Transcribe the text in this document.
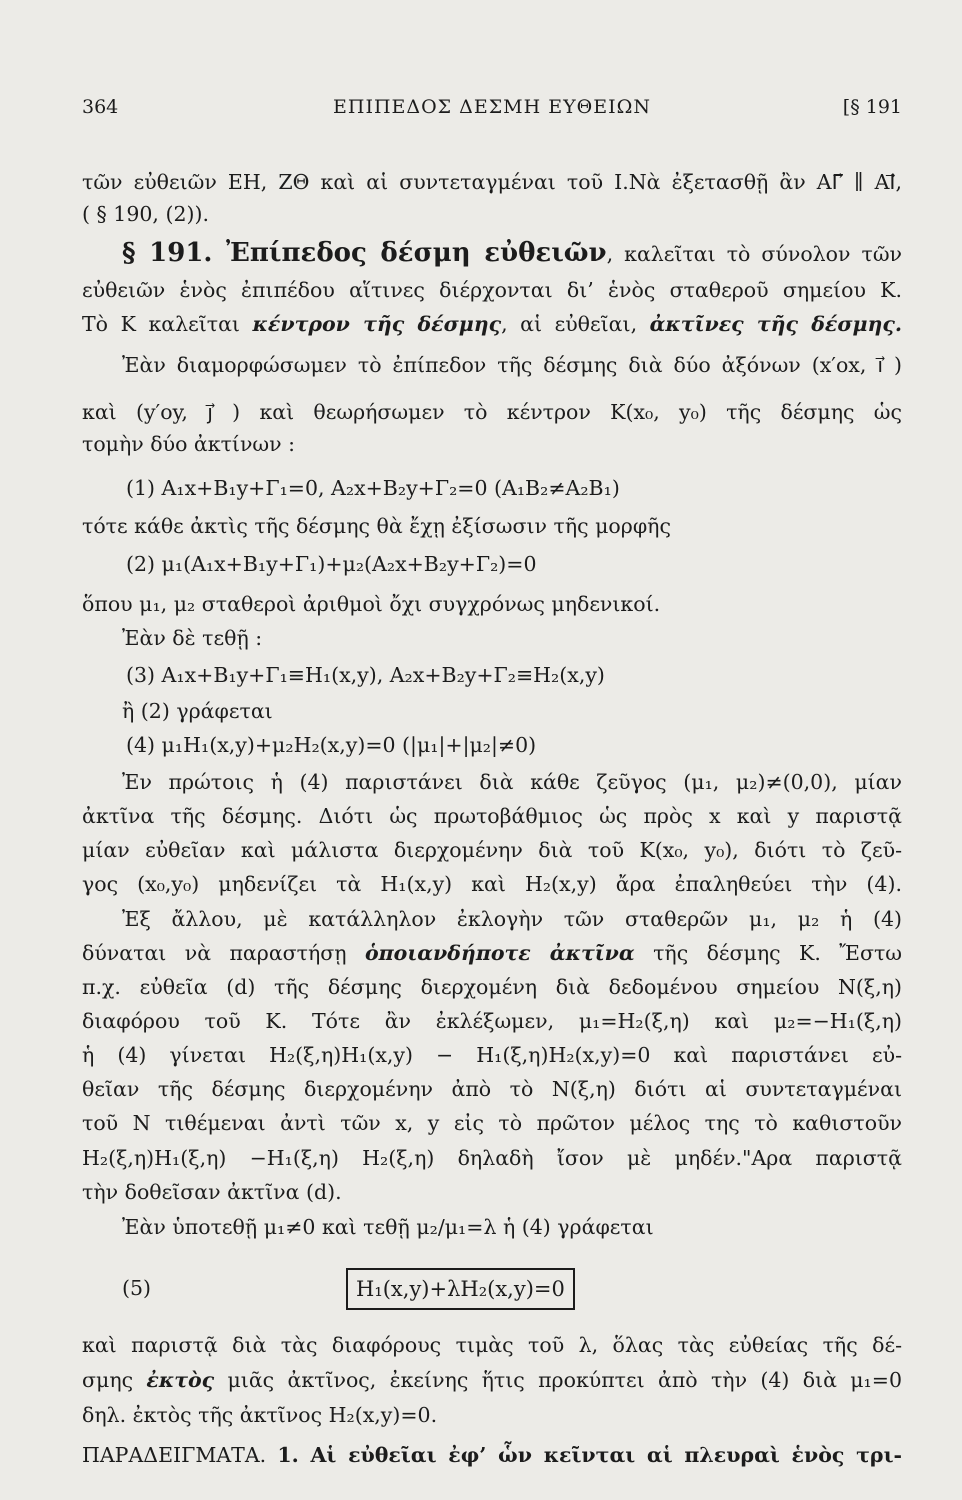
364	ΕΠΙΠΕΔΟΣ ΔΕΣΜΗ ΕΥΘΕΙΩΝ	[§ 191
τῶν εὐθειῶν ΕΗ, ΖΘ καὶ αἱ συντεταγμέναι τοῦ Ι.Νὰ ἐξετασθῇ ἂν ΑΓ⃗ ∥ ΑΙ⃗,
( § 190, (2)).
§ 191. Ἐπίπεδος δέσμη εὐθειῶν, καλεῖται τὸ σύνολον τῶν
εὐθειῶν ἑνὸς ἐπιπέδου αἵτινες διέρχονται δι’ ἑνὸς σταθεροῦ σημείου Κ.
Τὸ Κ καλεῖται κέντρον τῆς δέσμης, αἱ εὐθεῖαι, ἀκτῖνες τῆς δέσμης.
Ἐὰν διαμορφώσωμεν τὸ ἐπίπεδον τῆς δέσμης διὰ δύο ἀξόνων (x′ox, i⃗ )
καὶ (y′oy, j⃗ ) καὶ θεωρήσωμεν τὸ κέντρον Κ(x₀, y₀) τῆς δέσμης ὡς
τομὴν δύο ἀκτίνων :
(1) Α₁x+Β₁y+Γ₁=0, Α₂x+Β₂y+Γ₂=0 (Α₁Β₂≠Α₂Β₁)
τότε κάθε ἀκτὶς τῆς δέσμης θὰ ἔχῃ ἐξίσωσιν τῆς μορφῆς
(2) μ₁(Α₁x+Β₁y+Γ₁)+μ₂(Α₂x+Β₂y+Γ₂)=0
ὅπου μ₁, μ₂ σταθεροὶ ἀριθμοὶ ὄχι συγχρόνως μηδενικοί.
Ἐὰν δὲ τεθῇ :
(3) Α₁x+Β₁y+Γ₁≡Η₁(x,y), Α₂x+Β₂y+Γ₂≡Η₂(x,y)
ἢ (2) γράφεται
(4) μ₁Η₁(x,y)+μ₂Η₂(x,y)=0 (|μ₁|+|μ₂|≠0)
Ἐν πρώτοις ἡ (4) παριστάνει διὰ κάθε ζεῦγος (μ₁, μ₂)≠(0,0), μίαν
ἀκτῖνα τῆς δέσμης. Διότι ὡς πρωτοβάθμιος ὡς πρὸς x καὶ y παριστᾷ
μίαν εὐθεῖαν καὶ μάλιστα διερχομένην διὰ τοῦ Κ(x₀, y₀), διότι τὸ ζεῦ-
γος (x₀,y₀) μηδενίζει τὰ Η₁(x,y) καὶ Η₂(x,y) ἄρα ἐπαληθεύει τὴν (4).
Ἐξ ἄλλου, μὲ κατάλληλον ἐκλογὴν τῶν σταθερῶν μ₁, μ₂ ἡ (4)
δύναται νὰ παραστήσῃ ὁποιανδήποτε ἀκτῖνα τῆς δέσμης Κ. Ἔστω
π.χ. εὐθεῖα (d) τῆς δέσμης διερχομένη διὰ δεδομένου σημείου Ν(ξ,η)
διαφόρου τοῦ Κ. Τότε ἂν ἐκλέξωμεν, μ₁=Η₂(ξ,η) καὶ μ₂=−Η₁(ξ,η)
ἡ (4) γίνεται Η₂(ξ,η)Η₁(x,y) − Η₁(ξ,η)Η₂(x,y)=0 καὶ παριστάνει εὐ-
θεῖαν τῆς δέσμης διερχομένην ἀπὸ τὸ Ν(ξ,η) διότι αἱ συντεταγμέναι
τοῦ Ν τιθέμεναι ἀντὶ τῶν x, y εἰς τὸ πρῶτον μέλος της τὸ καθιστοῦν
Η₂(ξ,η)Η₁(ξ,η) −Η₁(ξ,η) Η₂(ξ,η) δηλαδὴ ἴσον μὲ μηδέν."Αρα παριστᾷ
τὴν δοθεῖσαν ἀκτῖνα (d).
Ἐὰν ὑποτεθῇ μ₁≠0 καὶ τεθῇ μ₂/μ₁=λ ἡ (4) γράφεται
(5)	Η₁(x,y)+λΗ₂(x,y)=0
καὶ παριστᾷ διὰ τὰς διαφόρους τιμὰς τοῦ λ, ὅλας τὰς εὐθείας τῆς δέ-
σμης ἐκτὸς μιᾶς ἀκτῖνος, ἐκείνης ἥτις προκύπτει ἀπὸ τὴν (4) διὰ μ₁=0
δηλ. ἐκτὸς τῆς ἀκτῖνος Η₂(x,y)=0.
ΠΑΡΑΔΕΙΓΜΑΤΑ. 1. Αἱ εὐθεῖαι ἐφ’ ὧν κεῖνται αἱ πλευραὶ ἑνὸς τρι-
